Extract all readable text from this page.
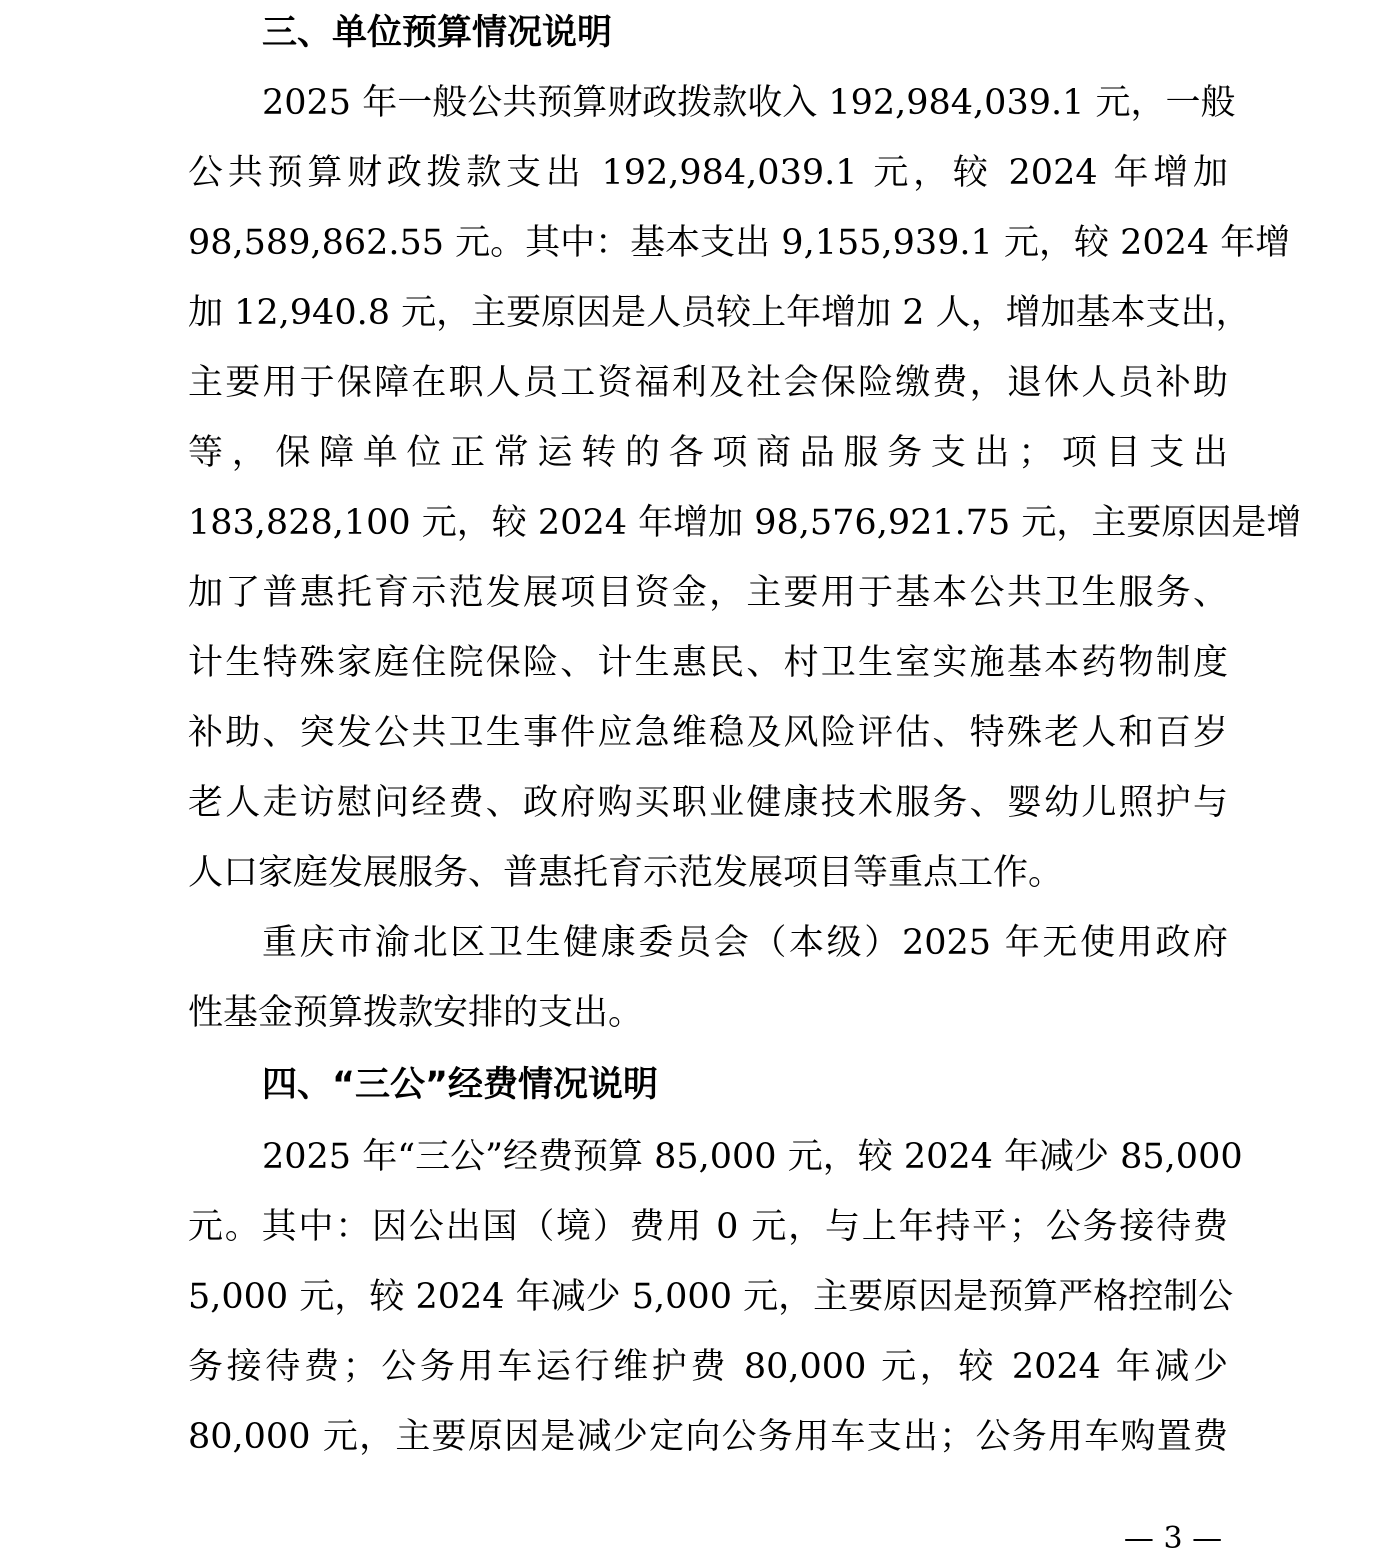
三、单位预算情况说明
2025 年一般公共预算财政拨款收入 192,984,039.1 元，一般
公共预算财政拨款支出 192,984,039.1 元，较 2024 年增加
98,589,862.55 元。其中：基本支出 9,155,939.1 元，较 2024 年增
加 12,940.8 元，主要原因是人员较上年增加 2 人，增加基本支出，
主要用于保障在职人员工资福利及社会保险缴费，退休人员补助
等，保障单位正常运转的各项商品服务支出；项目支出
183,828,100 元，较 2024 年增加 98,576,921.75 元，主要原因是增
加了普惠托育示范发展项目资金，主要用于基本公共卫生服务、
计生特殊家庭住院保险、计生惠民、村卫生室实施基本药物制度
补助、突发公共卫生事件应急维稳及风险评估、特殊老人和百岁
老人走访慰问经费、政府购买职业健康技术服务、婴幼儿照护与
人口家庭发展服务、普惠托育示范发展项目等重点工作。
重庆市渝北区卫生健康委员会（本级）2025 年无使用政府
性基金预算拨款安排的支出。
四、“三公”经费情况说明
2025 年“三公”经费预算 85,000 元，较 2024 年减少 85,000
元。其中：因公出国（境）费用 0 元，与上年持平；公务接待费
5,000 元，较 2024 年减少 5,000 元，主要原因是预算严格控制公
务接待费；公务用车运行维护费 80,000 元，较 2024 年减少
80,000 元，主要原因是减少定向公务用车支出；公务用车购置费
— 3 —
